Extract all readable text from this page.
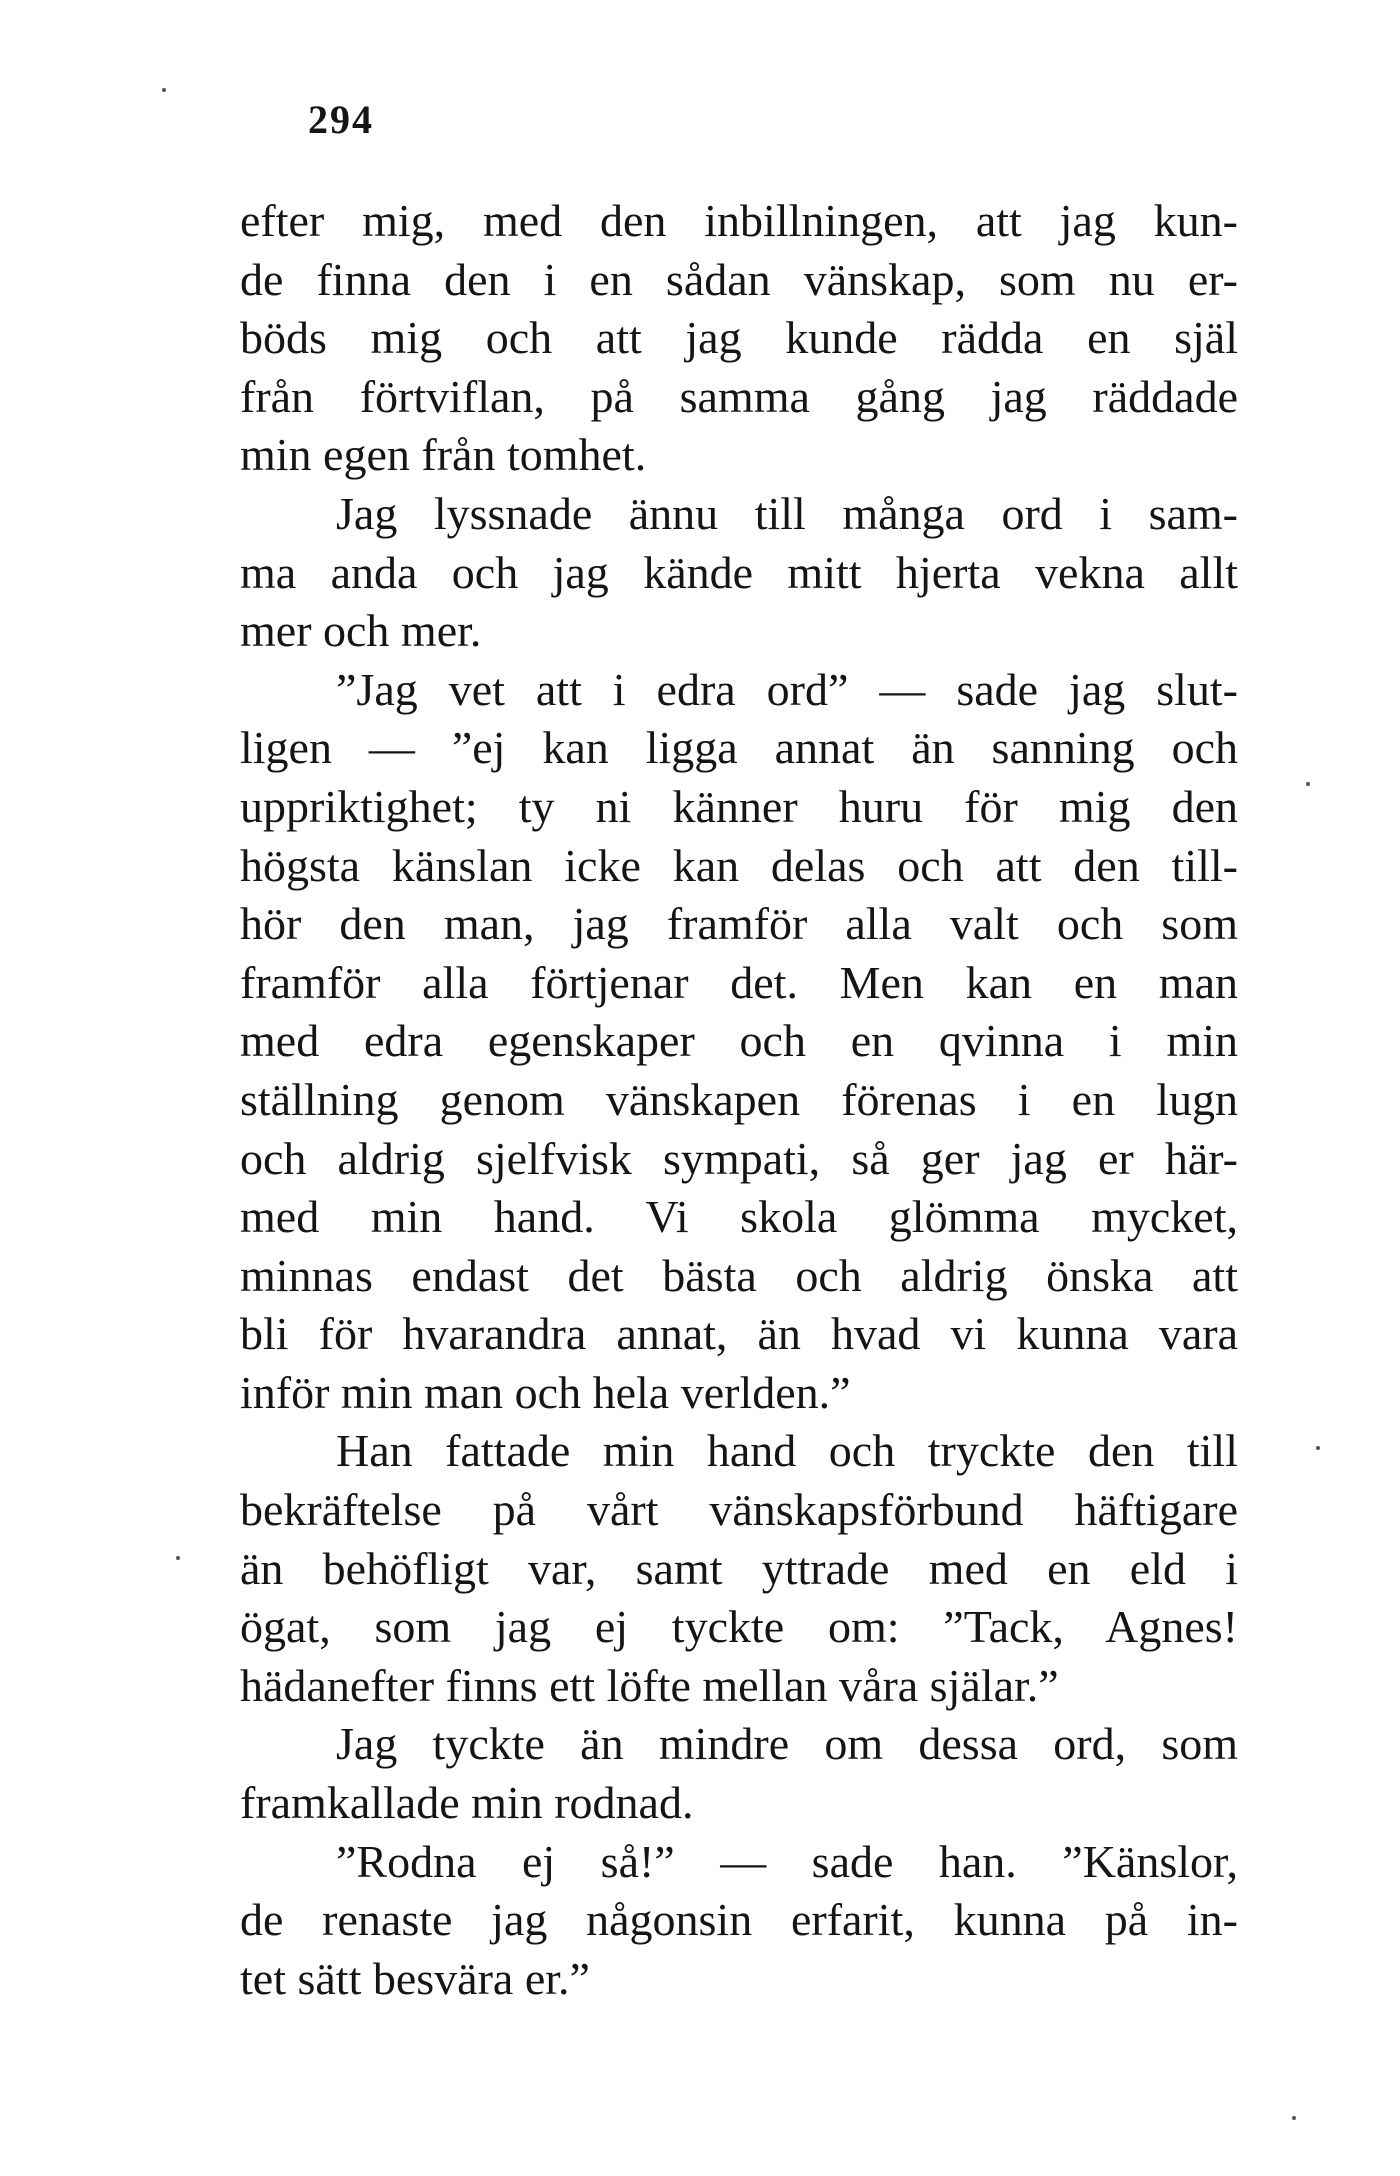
294
efter mig, med den inbillningen, att jag kun-
de finna den i en sådan vänskap, som nu er-
böds mig och att jag kunde rädda en själ
från förtviflan, på samma gång jag räddade
min egen från tomhet.
Jag lyssnade ännu till många ord i sam-
ma anda och jag kände mitt hjerta vekna allt
mer och mer.
”Jag vet att i edra ord” — sade jag slut-
ligen — ”ej kan ligga annat än sanning och
uppriktighet; ty ni känner huru för mig den
högsta känslan icke kan delas och att den till-
hör den man, jag framför alla valt och som
framför alla förtjenar det. Men kan en man
med edra egenskaper och en qvinna i min
ställning genom vänskapen förenas i en lugn
och aldrig sjelfvisk sympati, så ger jag er här-
med min hand. Vi skola glömma mycket,
minnas endast det bästa och aldrig önska att
bli för hvarandra annat, än hvad vi kunna vara
inför min man och hela verlden.”
Han fattade min hand och tryckte den till
bekräftelse på vårt vänskapsförbund häftigare
än behöfligt var, samt yttrade med en eld i
ögat, som jag ej tyckte om: ”Tack, Agnes!
hädanefter finns ett löfte mellan våra själar.”
Jag tyckte än mindre om dessa ord, som
framkallade min rodnad.
”Rodna ej så!” — sade han. ”Känslor,
de renaste jag någonsin erfarit, kunna på in-
tet sätt besvära er.”
